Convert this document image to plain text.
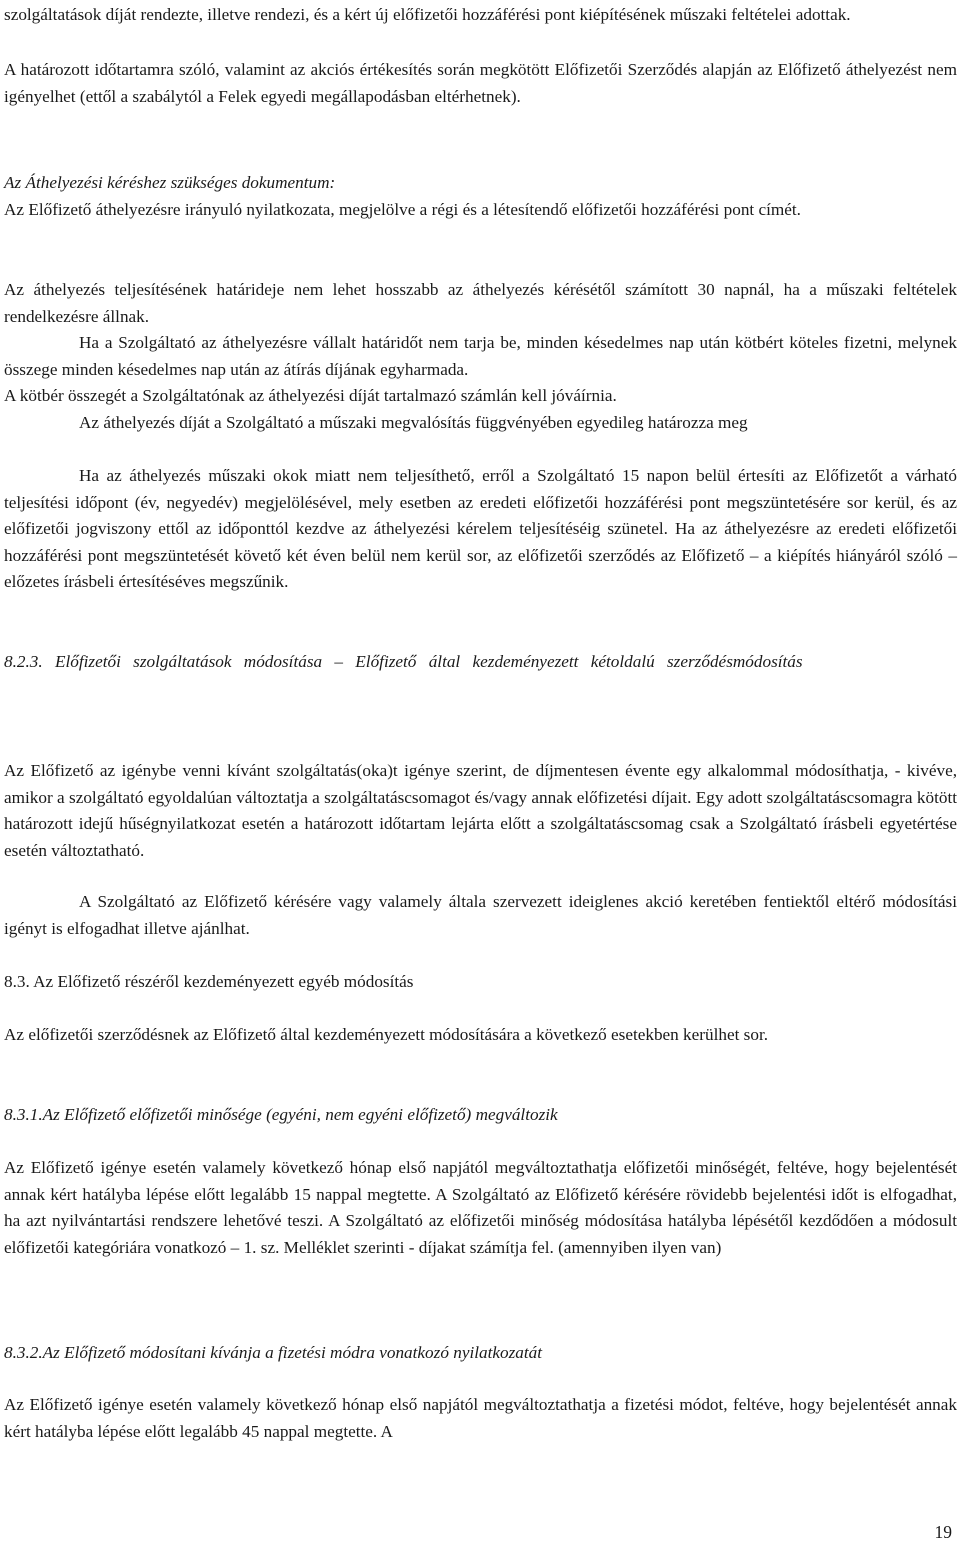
szolgáltatások díját rendezte, illetve rendezi, és a kért új előfizetői hozzáférési pont kiépítésének műszaki feltételei adottak.

A határozott időtartamra szóló, valamint az akciós értékesítés során megkötött Előfizetői Szerződés alapján az Előfizető áthelyezést nem igényelhet (ettől a szabálytól a Felek egyedi megállapodásban eltérhetnek).

Az Áthelyezési kéréshez szükséges dokumentum:

Az Előfizető áthelyezésre irányuló nyilatkozata, megjelölve a régi és a létesítendő előfizetői hozzáférési pont címét.

Az áthelyezés teljesítésének határideje nem lehet hosszabb az áthelyezés kérésétől számított 30 napnál, ha a műszaki feltételek rendelkezésre állnak.

Ha a Szolgáltató az áthelyezésre vállalt határidőt nem tarja be, minden késedelmes nap után kötbért köteles fizetni, melynek összege minden késedelmes nap után az átírás díjának egyharmada.

A kötbér összegét a Szolgáltatónak az áthelyezési díját tartalmazó számlán kell jóváírnia.

Az áthelyezés díját a Szolgáltató a műszaki megvalósítás függvényében egyedileg határozza meg

Ha az áthelyezés műszaki okok miatt nem teljesíthető, erről a Szolgáltató 15 napon belül értesíti az Előfizetőt a várható teljesítési időpont (év, negyedév) megjelölésével, mely esetben az eredeti előfizetői hozzáférési pont megszüntetésére sor kerül, és az előfizetői jogviszony ettől az időponttól kezdve az áthelyezési kérelem teljesítéséig szünetel. Ha az áthelyezésre az eredeti előfizetői hozzáférési pont megszüntetését követő két éven belül nem kerül sor, az előfizetői szerződés az Előfizető – a kiépítés hiányáról szóló – előzetes írásbeli értesítéséves megszűnik.

8.2.3. Előfizetői szolgáltatások módosítása – Előfizető által kezdeményezett kétoldalú szerződésmódosítás

Az Előfizető az igénybe venni kívánt szolgáltatás(oka)t igénye szerint, de díjmentesen évente egy alkalommal módosíthatja, - kivéve, amikor a szolgáltató egyoldalúan változtatja a szolgáltatáscsomagot és/vagy annak előfizetési díjait. Egy adott szolgáltatáscsomagra kötött határozott idejű hűségnyilatkozat esetén a határozott időtartam lejárta előtt a szolgáltatáscsomag csak a Szolgáltató írásbeli egyetértése esetén változtatható.

A Szolgáltató az Előfizető kérésére vagy valamely általa szervezett ideiglenes akció keretében fentiektől eltérő módosítási igényt is elfogadhat illetve ajánlhat.

8.3. Az Előfizető részéről kezdeményezett egyéb módosítás

Az előfizetői szerződésnek az Előfizető által kezdeményezett módosítására a következő esetekben kerülhet sor.

8.3.1.Az Előfizető előfizetői minősége (egyéni, nem egyéni előfizető) megváltozik

Az Előfizető igénye esetén valamely következő hónap első napjától megváltoztathatja előfizetői minőségét, feltéve, hogy bejelentését annak kért hatályba lépése előtt legalább 15 nappal megtette. A Szolgáltató az Előfizető kérésére rövidebb bejelentési időt is elfogadhat, ha azt nyilvántartási rendszere lehetővé teszi. A Szolgáltató az előfizetői minőség módosítása hatályba lépésétől kezdődően a módosult előfizetői kategóriára vonatkozó – 1. sz. Melléklet szerinti - díjakat számítja fel. (amennyiben ilyen van)

8.3.2.Az Előfizető módosítani kívánja a fizetési módra vonatkozó nyilatkozatát

Az Előfizető igénye esetén valamely következő hónap első napjától megváltoztathatja a fizetési módot, feltéve, hogy bejelentését annak kért hatályba lépése előtt legalább 45 nappal megtette. A

19
